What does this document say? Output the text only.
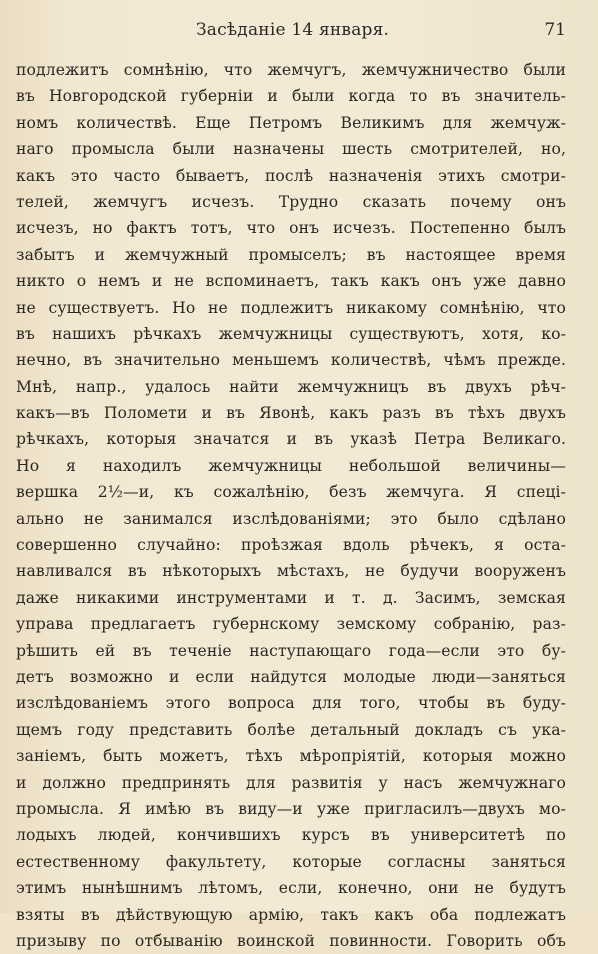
Засѣданіе 14 января.	71
подлежитъ сомнѣнію, что жемчугъ, жемчужничество были
въ Новгородской губерніи и были когда то въ значитель-
номъ количествѣ. Еще Петромъ Великимъ для жемчуж-
наго промысла были назначены шесть смотрителей, но,
какъ это часто бываетъ, послѣ назначенія этихъ смотри-
телей, жемчугъ исчезъ. Трудно сказать почему онъ
исчезъ, но фактъ тотъ, что онъ исчезъ. Постепенно былъ
забытъ и жемчужный промыселъ; въ настоящее время
никто о немъ и не вспоминаетъ, такъ какъ онъ уже давно
не существуетъ. Но не подлежитъ никакому сомнѣнію, что
въ нашихъ рѣчкахъ жемчужницы существуютъ, хотя, ко-
нечно, въ значительно меньшемъ количествѣ, чѣмъ прежде.
Мнѣ, напр., удалось найти жемчужницъ въ двухъ рѣч-
какъ—въ Поломети и въ Явонѣ, какъ разъ въ тѣхъ двухъ
рѣчкахъ, которыя значатся и въ указѣ Петра Великаго.
Но я находилъ жемчужницы небольшой величины—
вершка 2½—и, къ сожалѣнію, безъ жемчуга. Я спеці-
ально не занимался изслѣдованіями; это было сдѣлано
совершенно случайно: проѣзжая вдоль рѣчекъ, я оста-
навливался въ нѣкоторыхъ мѣстахъ, не будучи вооруженъ
даже никакими инструментами и т. д. Засимъ, земская
управа предлагаетъ губернскому земскому собранію, раз-
рѣшить ей въ теченіе наступающаго года—если это бу-
детъ возможно и если найдутся молодые люди—заняться
изслѣдованіемъ этого вопроса для того, чтобы въ буду-
щемъ году представить болѣе детальный докладъ съ ука-
заніемъ, быть можетъ, тѣхъ мѣропріятій, которыя можно
и должно предпринять для развитія у насъ жемчужнаго
промысла. Я имѣю въ виду—и уже пригласилъ—двухъ мо-
лодыхъ людей, кончившихъ курсъ въ университетѣ по
естественному факультету, которые согласны заняться
этимъ нынѣшнимъ лѣтомъ, если, конечно, они не будутъ
взяты въ дѣйствующую армію, такъ какъ оба подлежатъ
призыву по отбыванію воинской повинности. Говорить объ
